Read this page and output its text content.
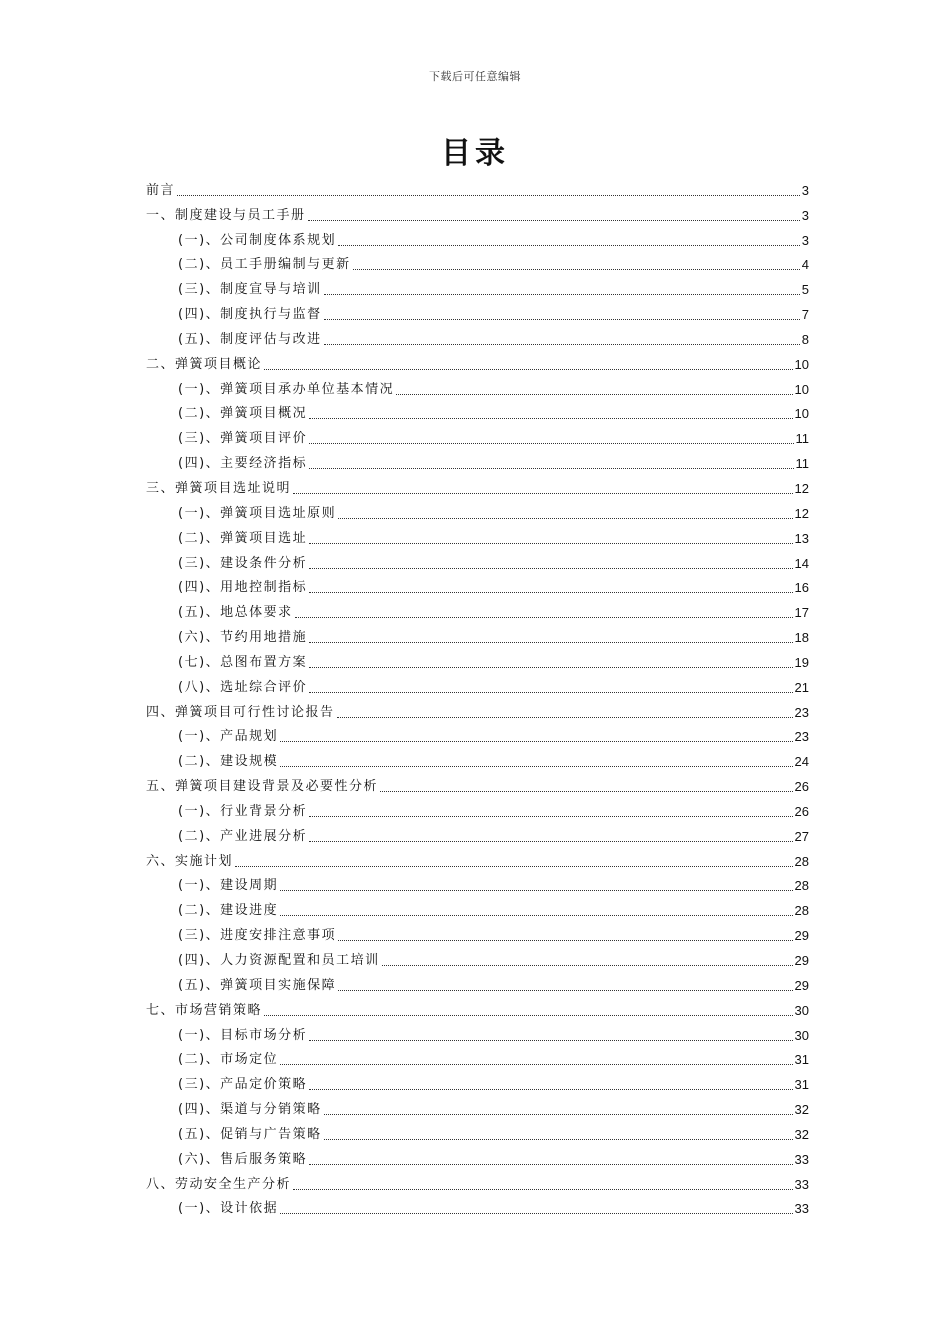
下载后可任意编辑
目录
前言	3
一、制度建设与员工手册	3
(一)、公司制度体系规划	3
(二)、员工手册编制与更新	4
(三)、制度宣导与培训	5
(四)、制度执行与监督	7
(五)、制度评估与改进	8
二、弹簧项目概论	10
(一)、弹簧项目承办单位基本情况	10
(二)、弹簧项目概况	10
(三)、弹簧项目评价	11
(四)、主要经济指标	11
三、弹簧项目选址说明	12
(一)、弹簧项目选址原则	12
(二)、弹簧项目选址	13
(三)、建设条件分析	14
(四)、用地控制指标	16
(五)、地总体要求	17
(六)、节约用地措施	18
(七)、总图布置方案	19
(八)、选址综合评价	21
四、弹簧项目可行性讨论报告	23
(一)、产品规划	23
(二)、建设规模	24
五、弹簧项目建设背景及必要性分析	26
(一)、行业背景分析	26
(二)、产业进展分析	27
六、实施计划	28
(一)、建设周期	28
(二)、建设进度	28
(三)、进度安排注意事项	29
(四)、人力资源配置和员工培训	29
(五)、弹簧项目实施保障	29
七、市场营销策略	30
(一)、目标市场分析	30
(二)、市场定位	31
(三)、产品定价策略	31
(四)、渠道与分销策略	32
(五)、促销与广告策略	32
(六)、售后服务策略	33
八、劳动安全生产分析	33
(一)、设计依据	33
